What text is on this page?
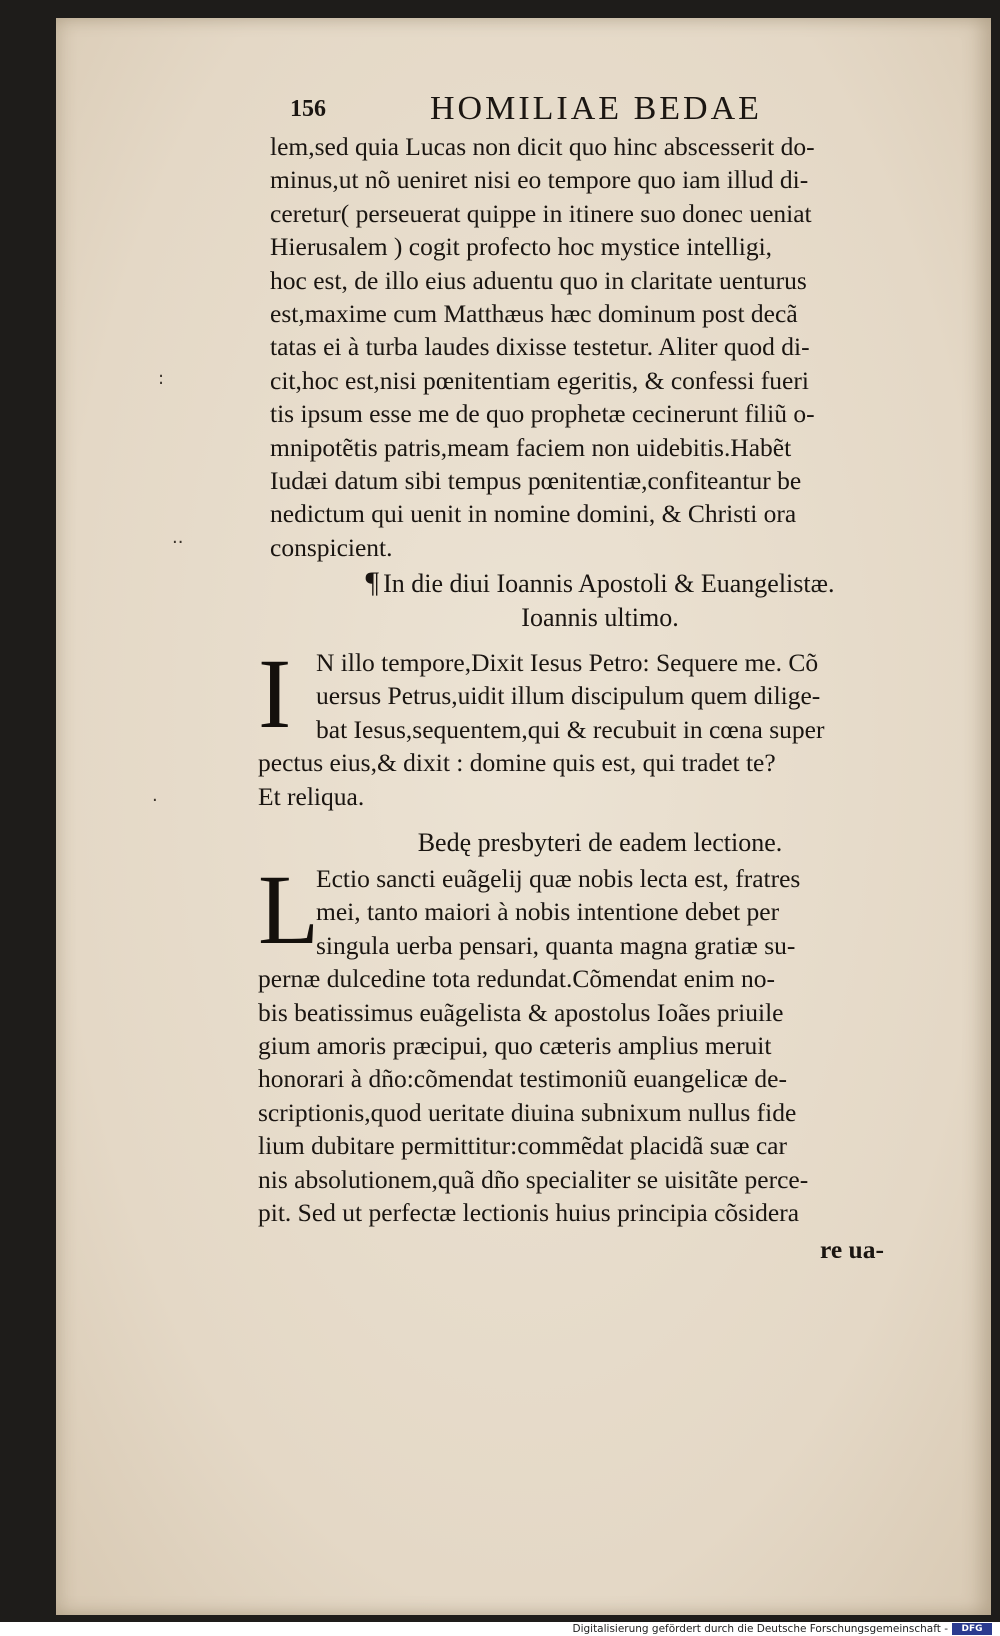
156	HOMILIAE BEDAE
lem,sed quia Lucas non dicit quo hinc abscesserit do-
minus,ut nõ ueniret nisi eo tempore quo iam illud di-
ceretur( perseuerat quippe in itinere suo donec ueniat
Hierusalem ) cogit profecto hoc mystice intelligi,
hoc est, de illo eius aduentu quo in claritate uenturus
est,maxime cum Matthæus hæc dominum post decã
tatas ei à turba laudes dixisse testetur. Aliter quod di-
cit,hoc est,nisi pœnitentiam egeritis, & confessi fueri
tis ipsum esse me de quo prophetæ cecinerunt filiũ o-
mnipotẽtis patris,meam faciem non uidebitis.Habẽt
Iudæi datum sibi tempus pœnitentiæ,confiteantur be
nedictum qui uenit in nomine domini, & Christi ora
conspicient.
¶ In die diui Ioannis Apostoli & Euangelistæ.
Ioannis ultimo.
I N illo tempore,Dixit Iesus Petro: Sequere me. Cõ
uersus Petrus,uidit illum discipulum quem dilige-
bat Iesus,sequentem,qui & recubuit in cœna super
pectus eius,& dixit : domine quis est, qui tradet te?
Et reliqua.
Bedę presbyteri de eadem lectione.
L
Ectio sancti euãgelij quæ nobis lecta est, fratres
mei, tanto maiori à nobis intentione debet per
singula uerba pensari, quanta magna gratiæ su-
pernæ dulcedine tota redundat.Cõmendat enim no-
bis beatissimus euãgelista & apostolus Ioães priuile
gium amoris præcipui, quo cæteris amplius meruit
honorari à dño:cõmendat testimoniũ euangelicæ de-
scriptionis,quod ueritate diuina subnixum nullus fide
lium dubitare permittitur:commẽdat placidã suæ car
nis absolutionem,quã dño specialiter se uisitãte perce-
pit. Sed ut perfectæ lectionis huius principia cõsidera
re ua-
:
··
·
Digitalisierung gefördert durch die Deutsche Forschungsgemeinschaft -	DFG
